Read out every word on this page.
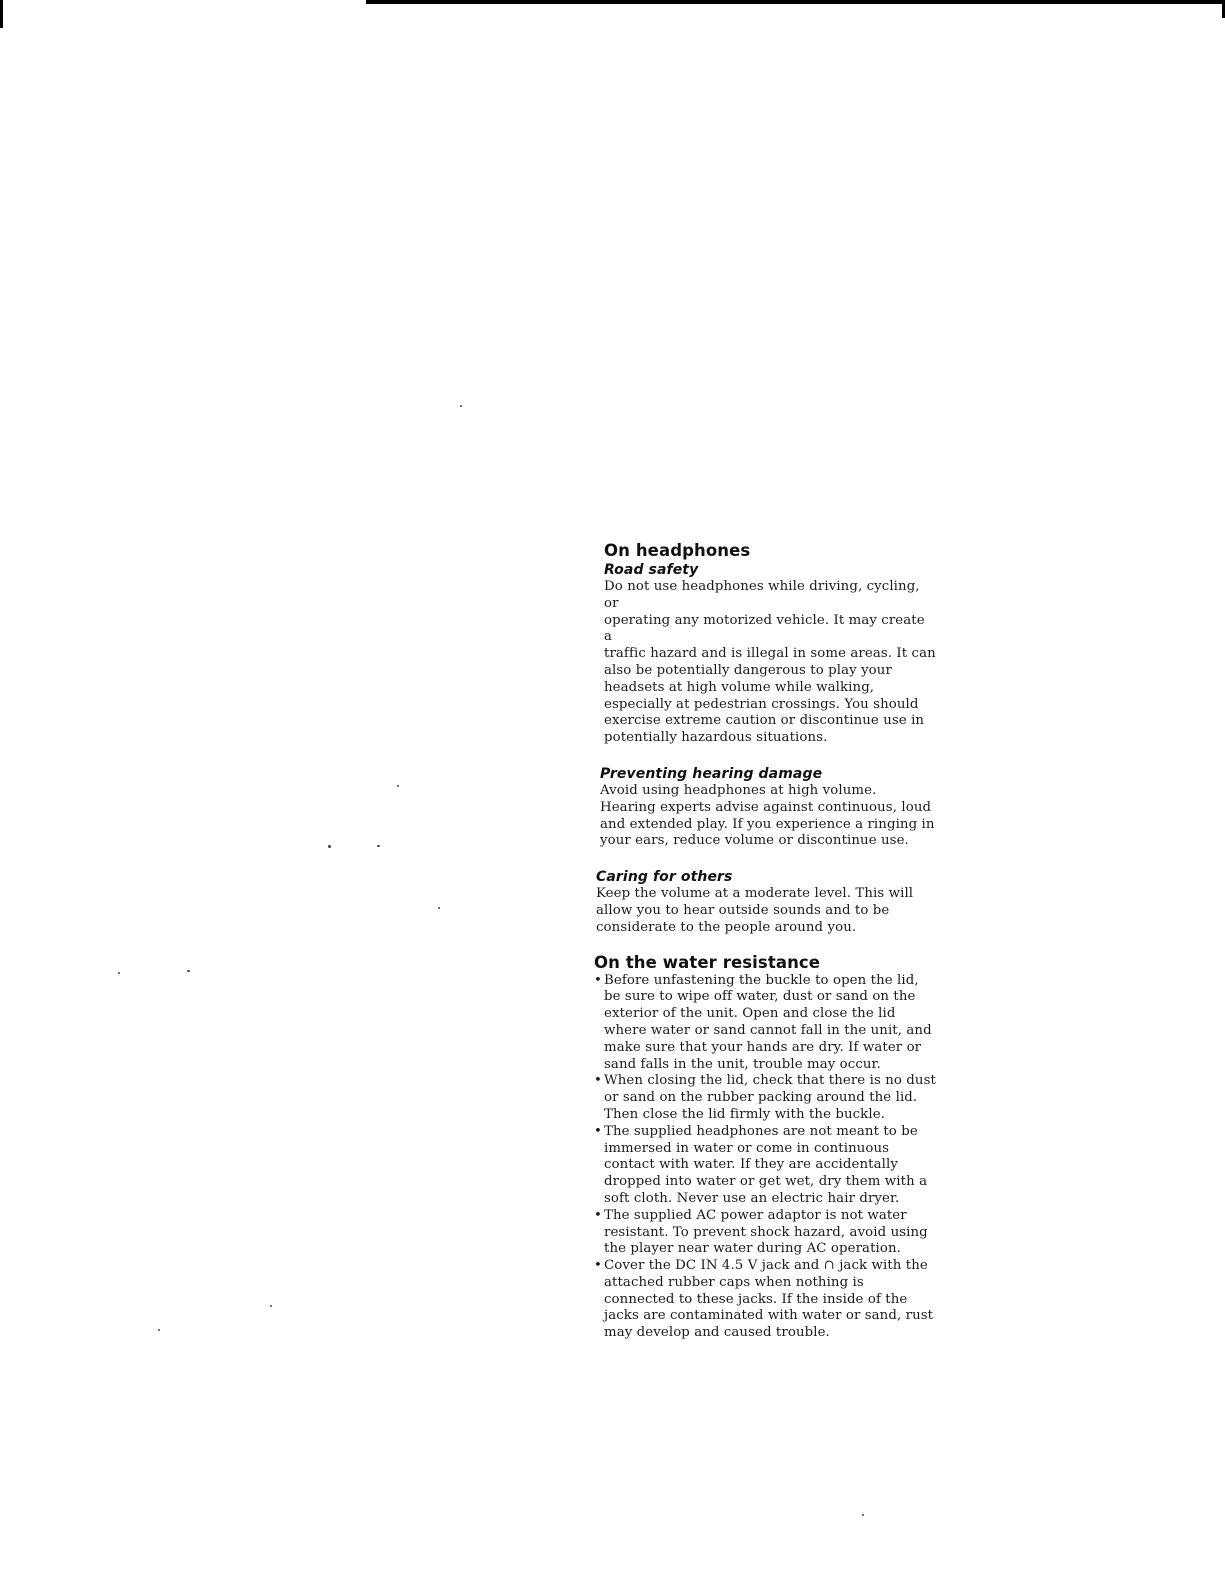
On headphones
Road safety

Do not use headphones while driving, cycling, or
operating any motorized vehicle. It may create a
traffic hazard and is illegal in some areas. It can
also be potentially dangerous to play your
headsets at high volume while walking,
especially at pedestrian crossings. You should
exercise extreme caution or discontinue use in
potentially hazardous situations.

Preventing hearing damage

Avoid using headphones at high volume.
Hearing experts advise against continuous, loud
and extended play. If you experience a ringing in
your ears, reduce volume or discontinue use.

Caring for others

Keep the volume at a moderate level. This will
allow you to hear outside sounds and to be
considerate to the people around you.

On the water resistance
• Before unfastening the buckle to open the lid,
be sure to wipe off water, dust or sand on the
exterior of the unit. Open and close the lid
where water or sand cannot fall in the unit, and
make sure that your hands are dry. If water or
sand falls in the unit, trouble may occur.
• When closing the lid, check that there is no dust
or sand on the rubber packing around the lid.
Then close the lid firmly with the buckle.
• The supplied headphones are not meant to be
immersed in water or come in continuous
contact with water. If they are accidentally
dropped into water or get wet, dry them with a
soft cloth. Never use an electric hair dryer.
• The supplied AC power adaptor is not water
resistant. To prevent shock hazard, avoid using
the player near water during AC operation.
• Cover the DC IN 4.5 V jack and ∩ jack with the
attached rubber caps when nothing is
connected to these jacks. If the inside of the
jacks are contaminated with water or sand, rust
may develop and caused trouble.
